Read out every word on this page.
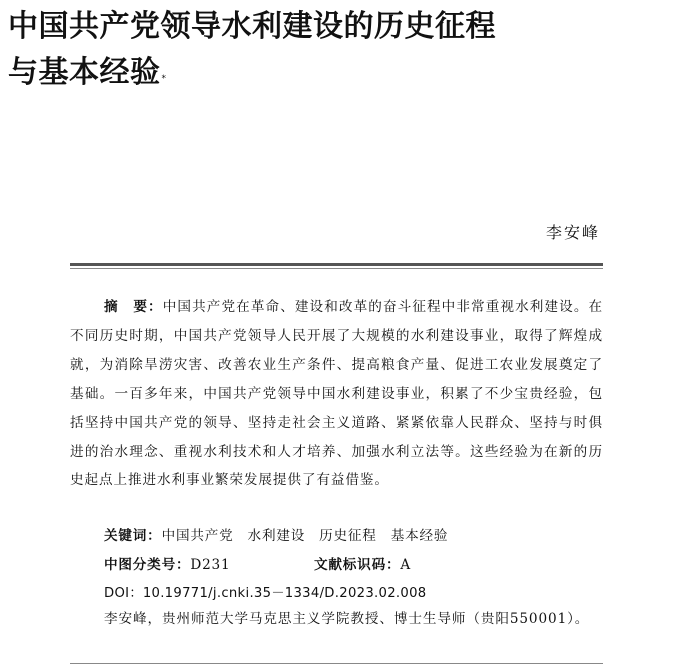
中国共产党领导水利建设的历史征程
与基本经验*
李安峰
摘　要：中国共产党在革命、建设和改革的奋斗征程中非常重视水利建设。在不同历史时期，中国共产党领导人民开展了大规模的水利建设事业，取得了辉煌成就，为消除旱涝灾害、改善农业生产条件、提高粮食产量、促进工农业发展奠定了基础。一百多年来，中国共产党领导中国水利建设事业，积累了不少宝贵经验，包括坚持中国共产党的领导、坚持走社会主义道路、紧紧依靠人民群众、坚持与时俱进的治水理念、重视水利技术和人才培养、加强水利立法等。这些经验为在新的历史起点上推进水利事业繁荣发展提供了有益借鉴。
关键词：中国共产党 水利建设 历史征程 基本经验
中图分类号：D231	文献标识码：A
DOI：10.19771/j.cnki.35－1334/D.2023.02.008
李安峰，贵州师范大学马克思主义学院教授、博士生导师（贵阳550001）。
